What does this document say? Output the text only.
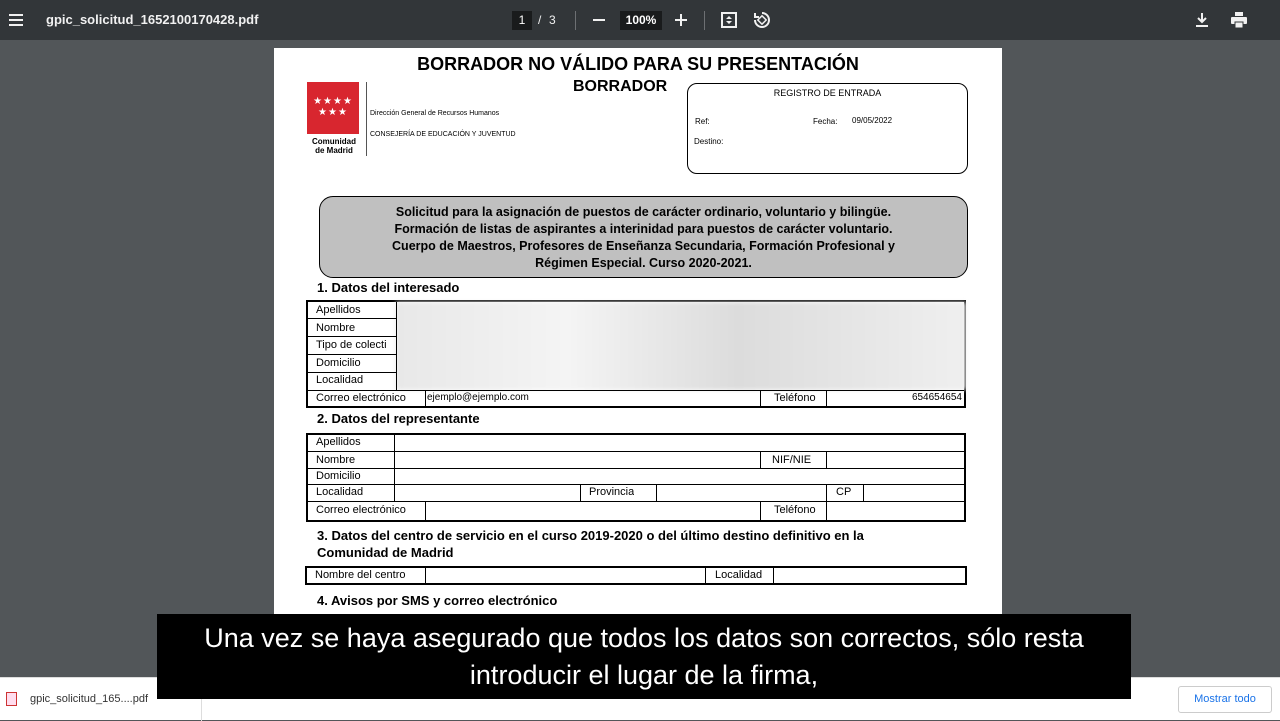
gpic_solicitud_1652100170428.pdf	1	/ 3	100%
BORRADOR NO VÁLIDO PARA SU PRESENTACIÓN
BORRADOR
★★★★
★★★
Comunidad
de Madrid
Dirección General de Recursos Humanos
CONSEJERÍA DE EDUCACIÓN Y JUVENTUD
REGISTRO DE ENTRADA
Ref:	Fecha: 09/05/2022
Destino:
Solicitud para la asignación de puestos de carácter ordinario, voluntario y bilingüe.
Formación de listas de aspirantes a interinidad para puestos de carácter voluntario.
Cuerpo de Maestros, Profesores de Enseñanza Secundaria, Formación Profesional y
Régimen Especial. Curso 2020-2021.
1. Datos del interesado
Apellidos
Nombre
Tipo de colecti
Domicilio
Localidad
Correo electrónico	ejemplo@ejemplo.com	Teléfono	654654654
2. Datos del representante
Apellidos
Nombre	NIF/NIE
Domicilio
Localidad	Provincia	CP
Correo electrónico	Teléfono
3. Datos del centro de servicio en el curso 2019-2020 o del último destino definitivo en la
Comunidad de Madrid
Nombre del centro	Localidad
4. Avisos por SMS y correo electrónico
gpic_solicitud_165....pdf	Mostrar todo
Una vez se haya asegurado que todos los datos son correctos, sólo resta
introducir el lugar de la firma,
